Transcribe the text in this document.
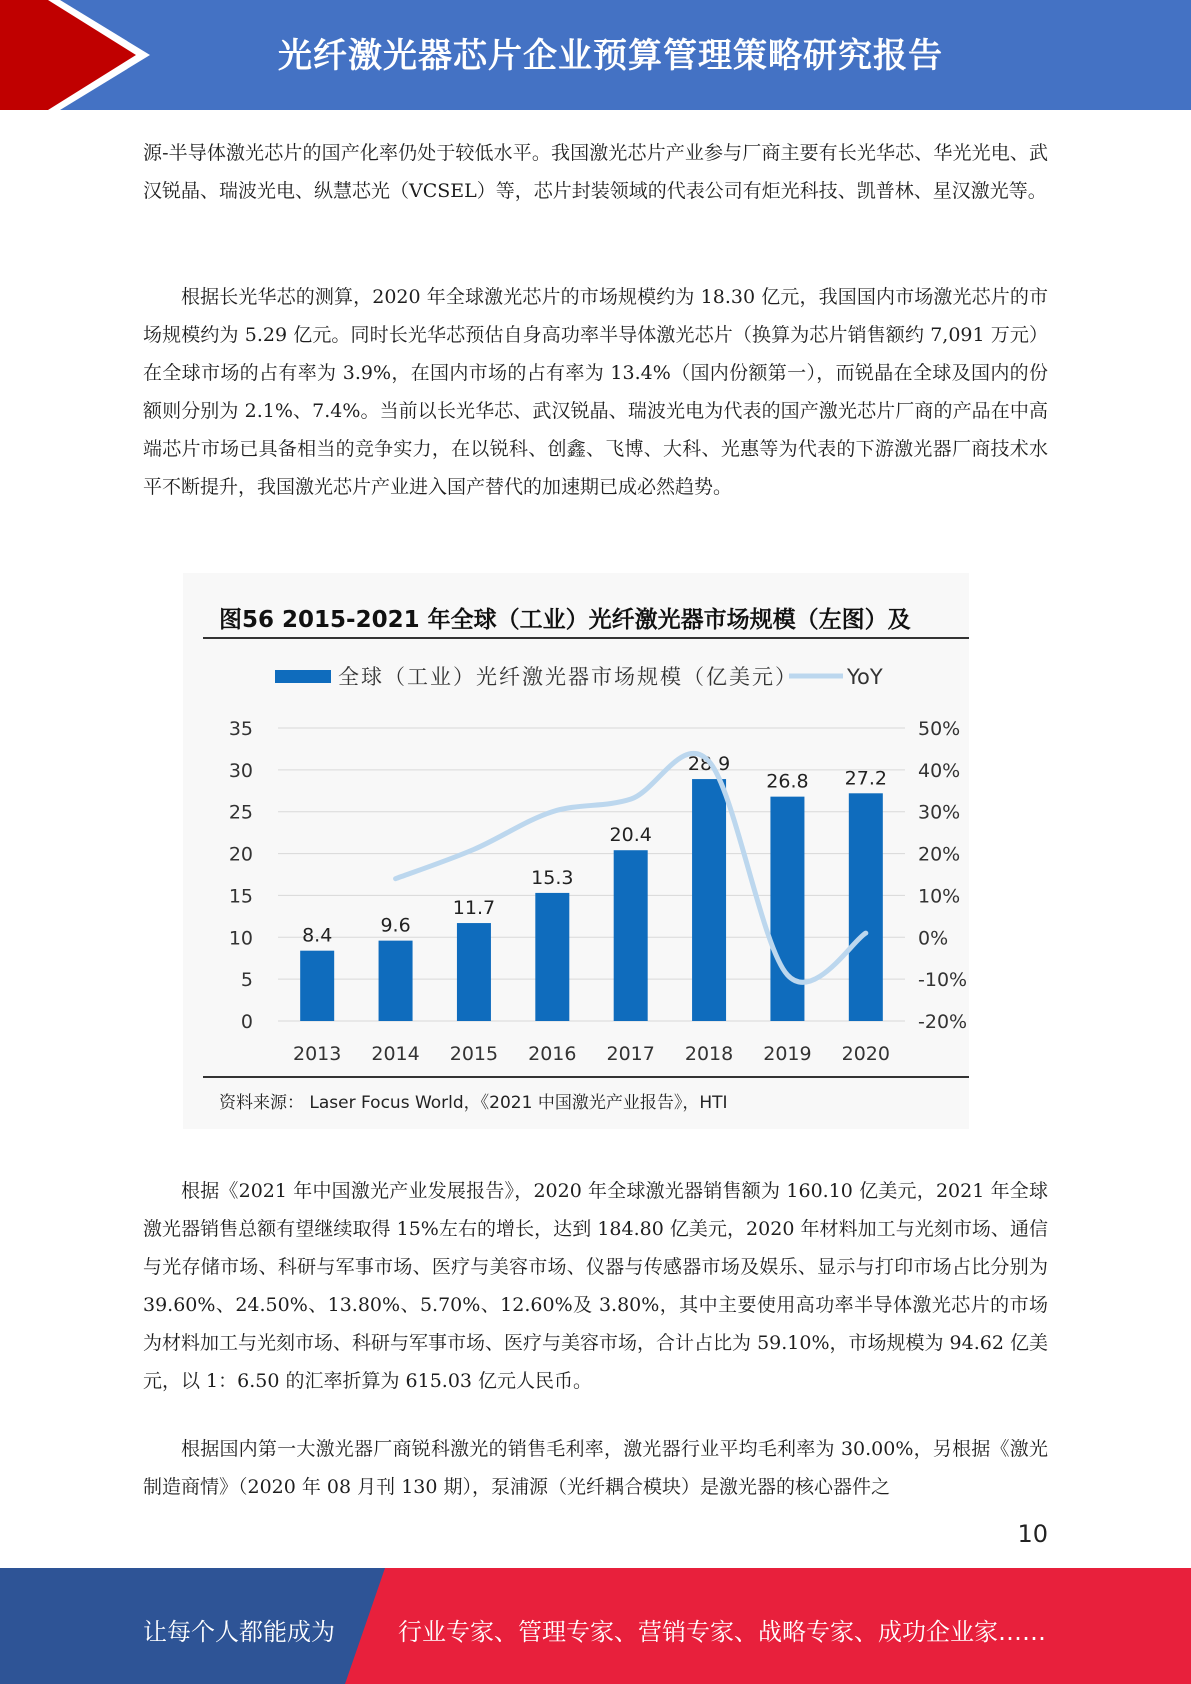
光纤激光器芯片企业预算管理策略研究报告

源-半导体激光芯片的国产化率仍处于较低水平。我国激光芯片产业参与厂商主要有长光华芯、华光光电、武汉锐晶、瑞波光电、纵慧芯光（VCSEL）等，芯片封装领域的代表公司有炬光科技、凯普林、星汉激光等。

根据长光华芯的测算，2020 年全球激光芯片的市场规模约为 18.30 亿元，我国国内市场激光芯片的市场规模约为 5.29 亿元。同时长光华芯预估自身高功率半导体激光芯片（换算为芯片销售额约 7,091 万元）在全球市场的占有率为 3.9%，在国内市场的占有率为 13.4%（国内份额第一），而锐晶在全球及国内的份额则分别为 2.1%、7.4%。当前以长光华芯、武汉锐晶、瑞波光电为代表的国产激光芯片厂商的产品在中高端芯片市场已具备相当的竞争实力，在以锐科、创鑫、飞博、大科、光惠等为代表的下游激光器厂商技术水平不断提升，我国激光芯片产业进入国产替代的加速期已成必然趋势。

图56 2015-2021 年全球（工业）光纤激光器市场规模（左图）及
0
5
10
15
20
25
30
35
-20%
-10%
0%
10%
20%
30%
40%
50%
8.4
2013
9.6
2014
11.7
2015
15.3
2016
20.4
2017
28.9
2018
26.8
2019
27.2
2020
全球（工业）光纤激光器市场规模（亿美元） YoY
资料来源： Laser Focus World，《2021 中国激光产业报告》，HTI

根据《2021 年中国激光产业发展报告》，2020 年全球激光器销售额为 160.10 亿美元，2021 年全球激光器销售总额有望继续取得 15%左右的增长，达到 184.80 亿美元，2020 年材料加工与光刻市场、通信与光存储市场、科研与军事市场、医疗与美容市场、仪器与传感器市场及娱乐、显示与打印市场占比分别为 39.60%、24.50%、13.80%、5.70%、12.60%及 3.80%，其中主要使用高功率半导体激光芯片的市场为材料加工与光刻市场、科研与军事市场、医疗与美容市场，合计占比为 59.10%，市场规模为 94.62 亿美元，以 1：6.50 的汇率折算为 615.03 亿元人民币。

根据国内第一大激光器厂商锐科激光的销售毛利率，激光器行业平均毛利率为 30.00%，另根据《激光制造商情》（2020 年 08 月刊 130 期），泵浦源（光纤耦合模块）是激光器的核心器件之

10
让每个人都能成为	行业专家、管理专家、营销专家、战略专家、成功企业家……
